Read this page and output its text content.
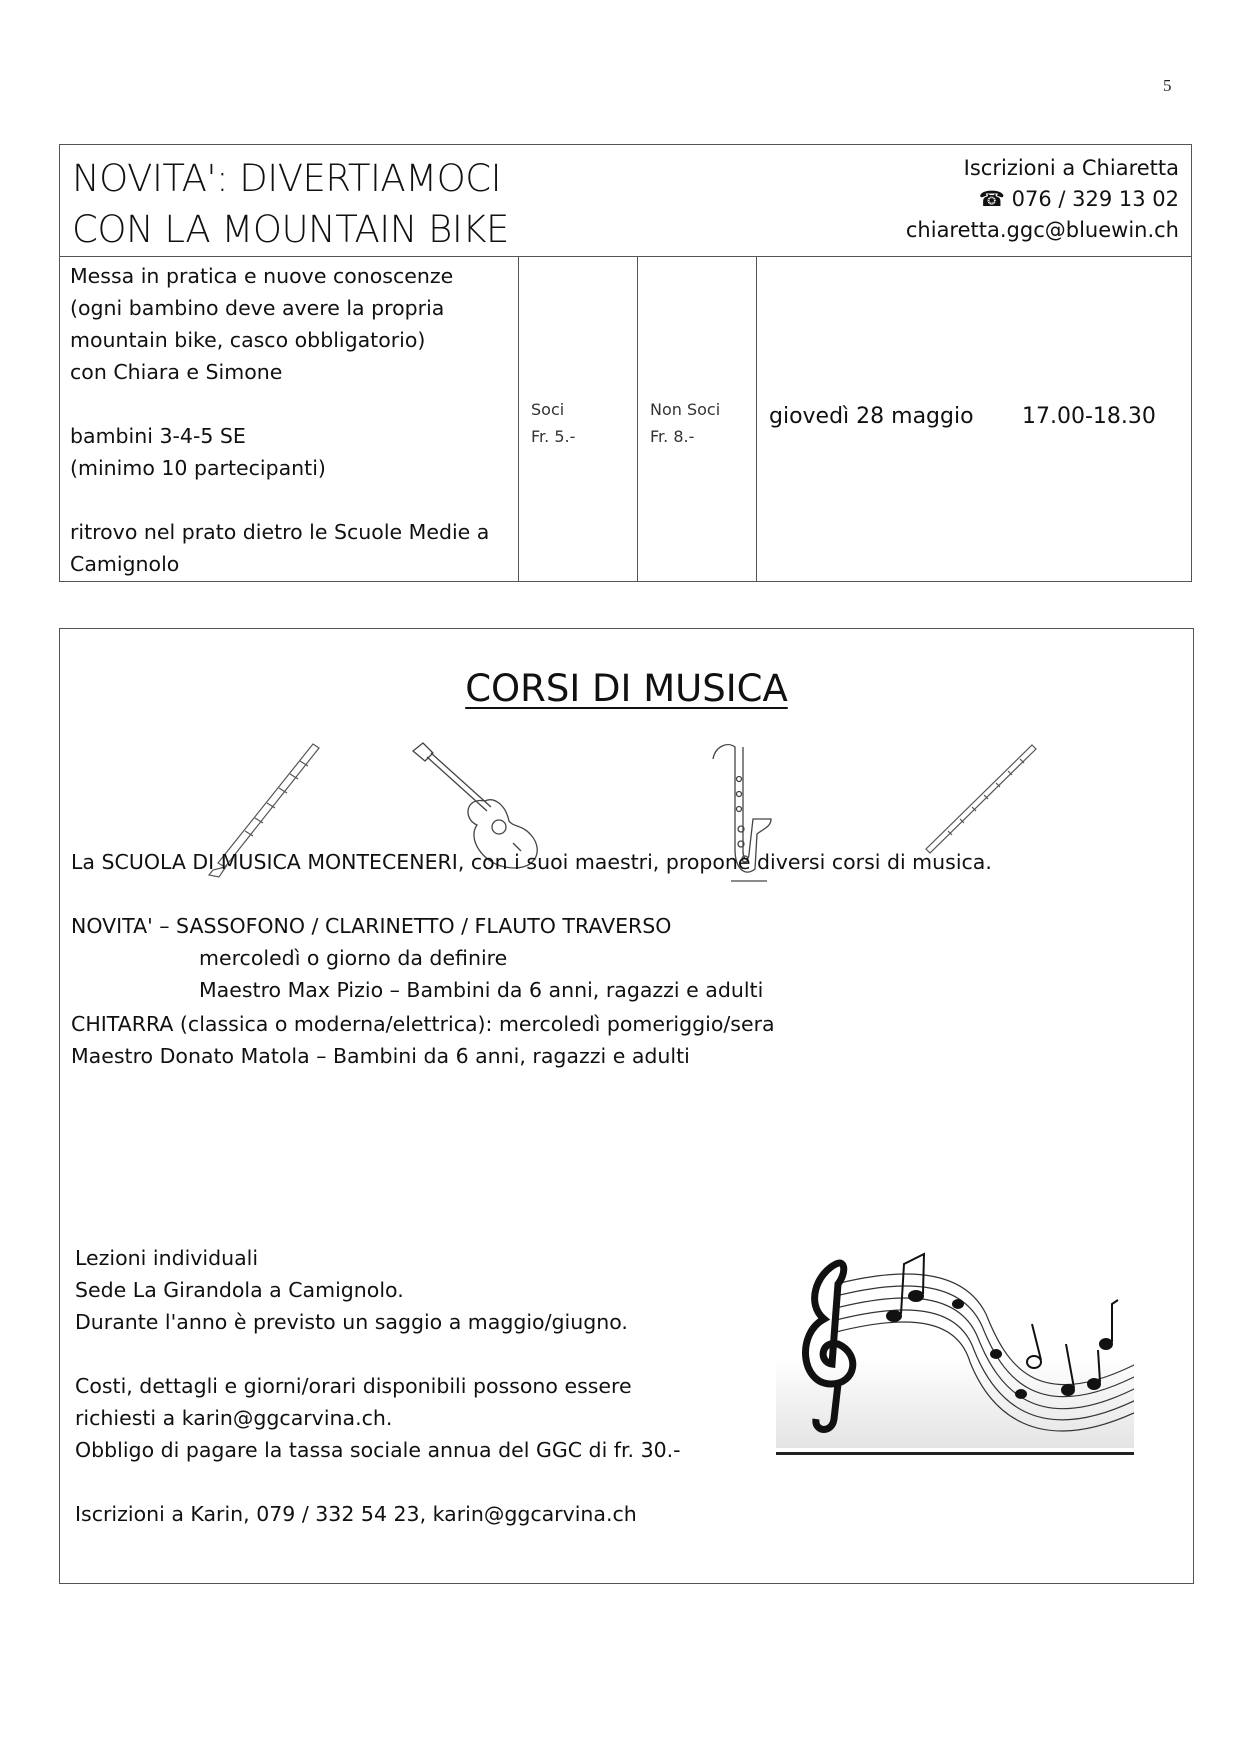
5
NOVITA': DIVERTIAMOCI
CON LA MOUNTAIN BIKE
Iscrizioni a Chiaretta
☎ 076 / 329 13 02
chiaretta.ggc@bluewin.ch
Messa in pratica e nuove conoscenze
(ogni bambino deve avere la propria
mountain bike, casco obbligatorio)
con Chiara e Simone
bambini 3-4-5 SE
(minimo 10 partecipanti)
ritrovo nel prato dietro le Scuole Medie a
Camignolo
Soci
Fr. 5.-
Non Soci
Fr. 8.-
giovedì 28 maggio 17.00-18.30
CORSI DI MUSICA
La SCUOLA DI MUSICA MONTECENERI, con i suoi maestri, propone diversi corsi di musica.
NOVITA' – SASSOFONO / CLARINETTO / FLAUTO TRAVERSO
mercoledì o giorno da definire
Maestro Max Pizio – Bambini da 6 anni, ragazzi e adulti
CHITARRA (classica o moderna/elettrica): mercoledì pomeriggio/sera
Maestro Donato Matola – Bambini da 6 anni, ragazzi e adulti
Lezioni individuali
Sede La Girandola a Camignolo.
Durante l'anno è previsto un saggio a maggio/giugno.
Costi, dettagli e giorni/orari disponibili possono essere
richiesti a karin@ggcarvina.ch.
Obbligo di pagare la tassa sociale annua del GGC di fr. 30.-
Iscrizioni a Karin, 079 / 332 54 23, karin@ggcarvina.ch
